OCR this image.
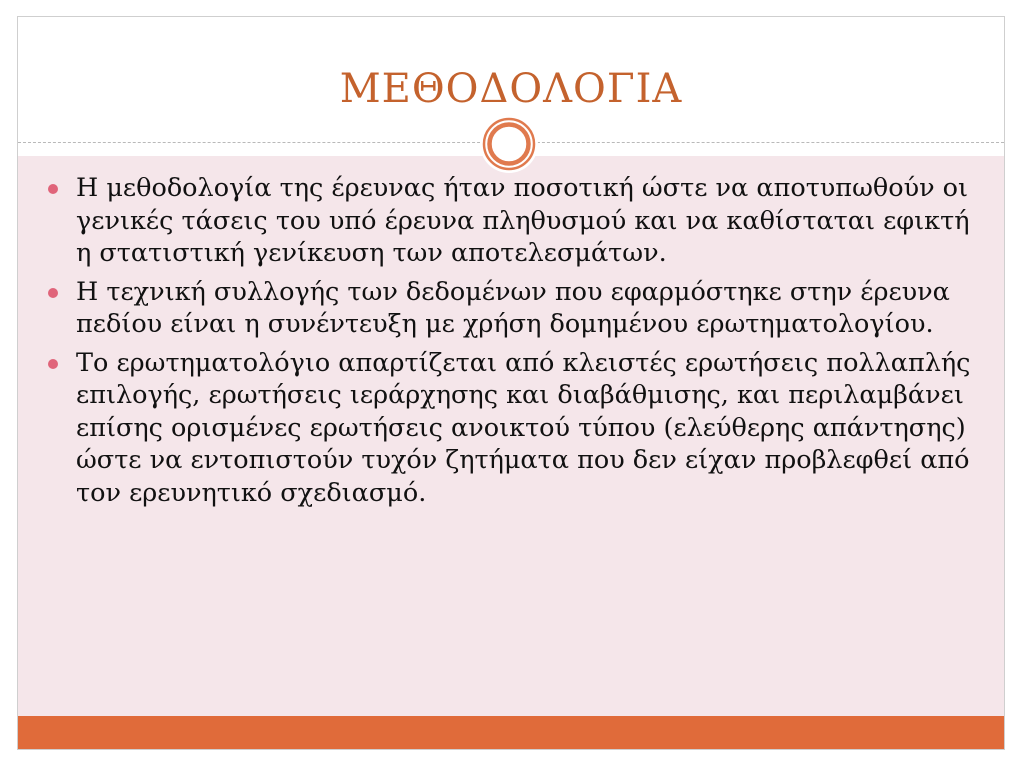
ΜΕΘΟΔΟΛΟΓΙΑ
Η μεθοδολογία της έρευνας ήταν ποσοτική ώστε να αποτυπωθούν οι γενικές τάσεις του υπό έρευνα πληθυσμού και να καθίσταται εφικτή η στατιστική γενίκευση των αποτελεσμάτων.
Η τεχνική συλλογής των δεδομένων που εφαρμόστηκε στην έρευνα πεδίου είναι η συνέντευξη με χρήση δομημένου ερωτηματολογίου.
Το ερωτηματολόγιο απαρτίζεται από κλειστές ερωτήσεις πολλαπλής επιλογής, ερωτήσεις ιεράρχησης και διαβάθμισης, και περιλαμβάνει επίσης ορισμένες ερωτήσεις ανοικτού τύπου (ελεύθερης απάντησης) ώστε να εντοπιστούν τυχόν ζητήματα που δεν είχαν προβλεφθεί από τον ερευνητικό σχεδιασμό.
